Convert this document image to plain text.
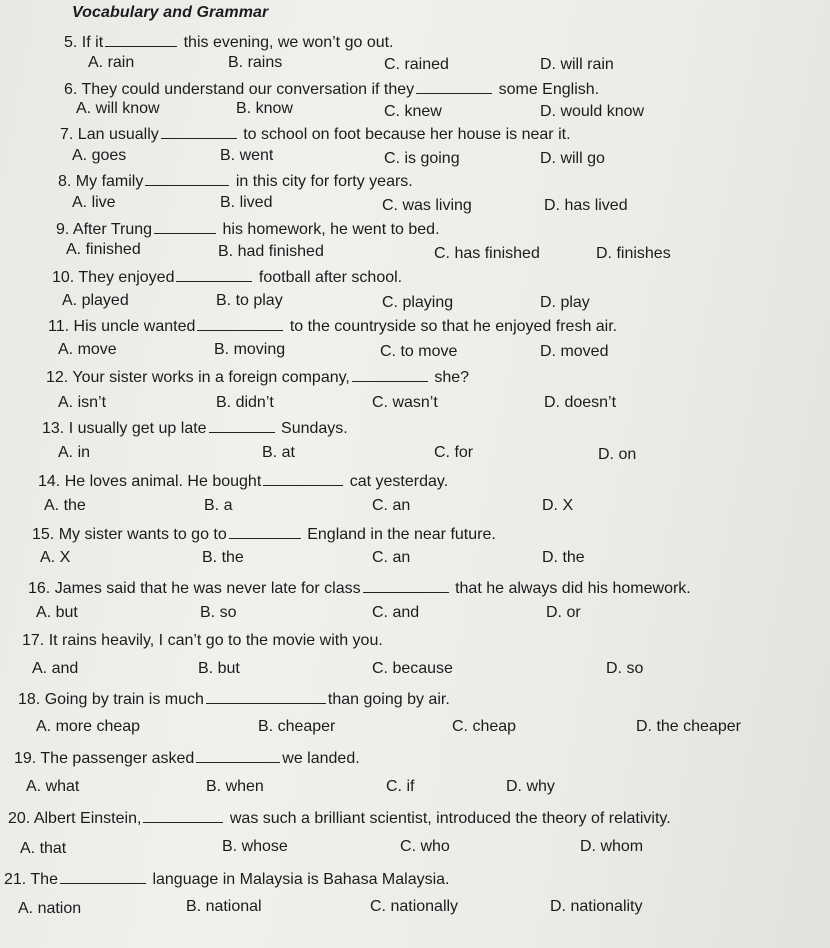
Vocabulary and Grammar
5. If it	this evening, we won’t go out.
A. rain	B. rains	C. rained	D. will rain
6. They could understand our conversation if they	some English.
A. will know	B. know	C. knew	D. would know
7. Lan usually	to school on foot because her house is near it.
A. goes	B. went	C. is going	D. will go
8. My family	in this city for forty years.
A. live	B. lived	C. was living	D. has lived
9. After Trung	his homework, he went to bed.
A. finished	B. had finished	C. has finished	D. finishes
10. They enjoyed	football after school.
A. played	B. to play	C. playing	D. play
11. His uncle wanted	to the countryside so that he enjoyed fresh air.
A. move	B. moving	C. to move	D. moved
12. Your sister works in a foreign company,	she?
A. isn’t	B. didn’t	C. wasn’t	D. doesn’t
13. I usually get up late	Sundays.
A. in	B. at	C. for	D. on
14. He loves animal. He bought	cat yesterday.
A. the	B. a	C. an	D. X
15. My sister wants to go to	England in the near future.
A. X	B. the	C. an	D. the
16. James said that he was never late for class	that he always did his homework.
A. but	B. so	C. and	D. or
17. It rains heavily, I can’t go to the movie with you.
A. and	B. but	C. because	D. so
18. Going by train is much	than going by air.
A. more cheap	B. cheaper	C. cheap	D. the cheaper
19. The passenger asked	we landed.
A. what	B. when	C. if	D. why
20. Albert Einstein,	was such a brilliant scientist, introduced the theory of relativity.
A. that	B. whose	C. who	D. whom
21. The	language in Malaysia is Bahasa Malaysia.
A. nation	B. national	C. nationally	D. nationality
